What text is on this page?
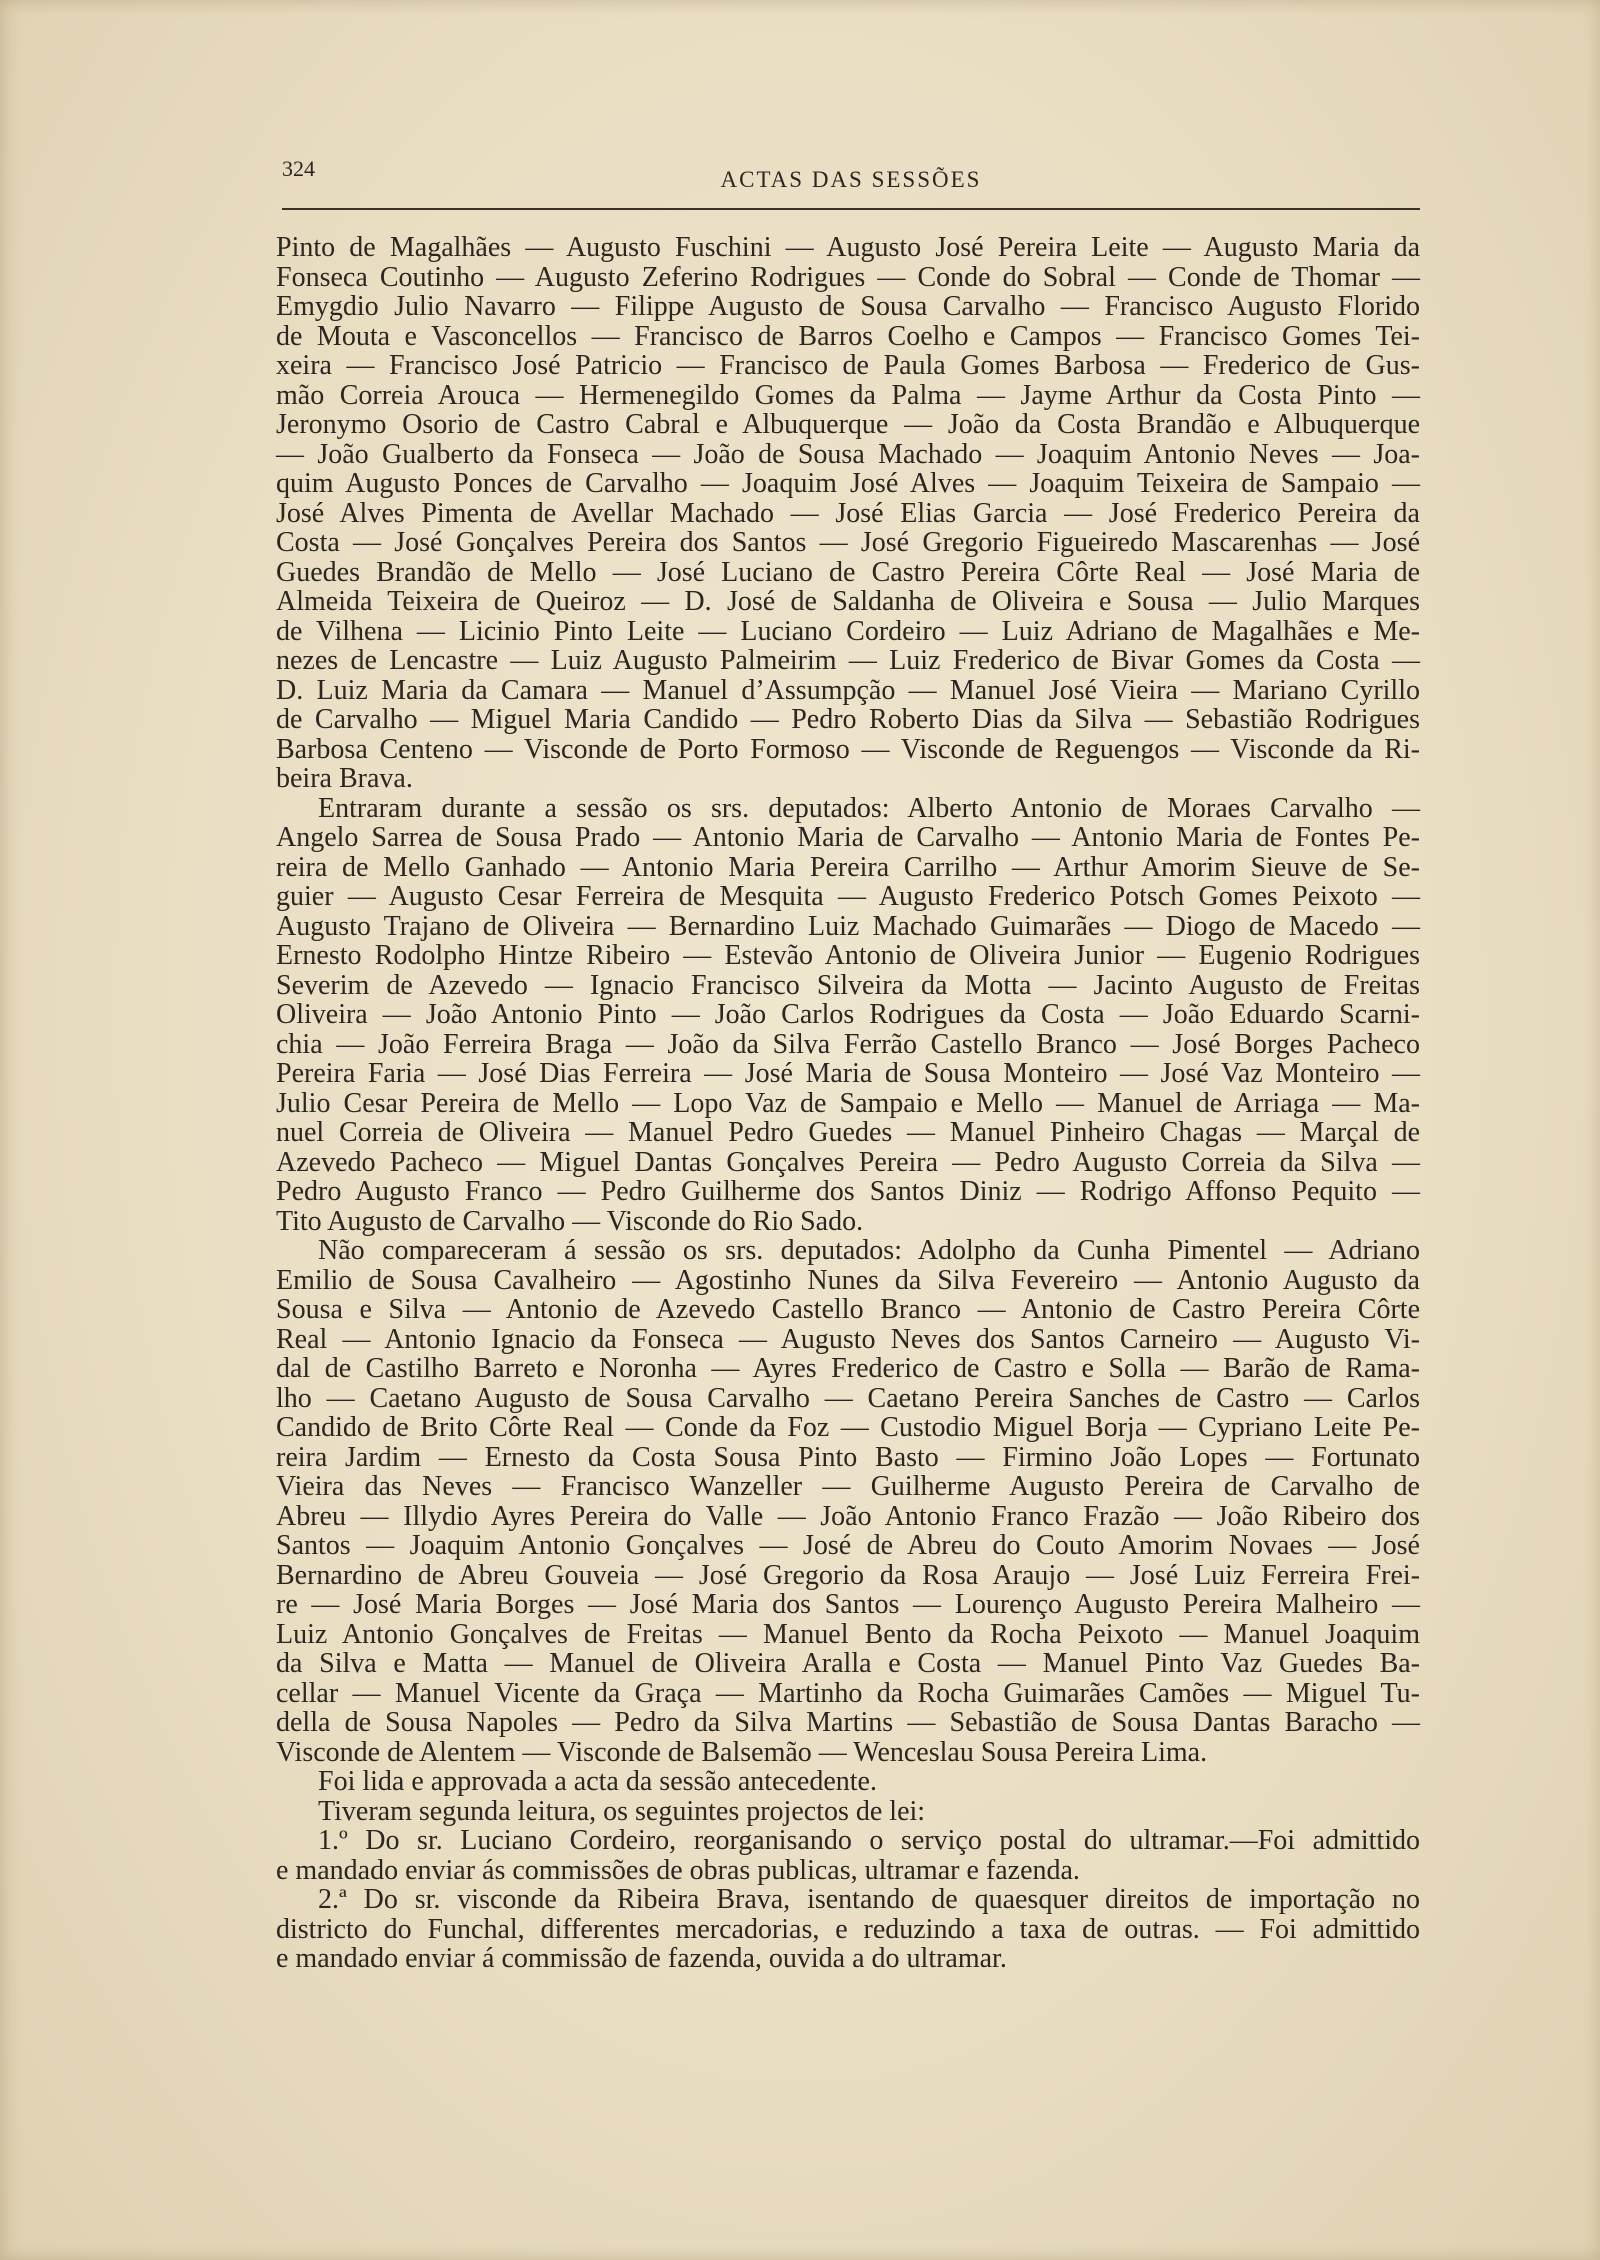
324	ACTAS DAS SESSÕES
Pinto de Magalhães — Augusto Fuschini — Augusto José Pereira Leite — Augusto Maria da
Fonseca Coutinho — Augusto Zeferino Rodrigues — Conde do Sobral — Conde de Thomar —
Emygdio Julio Navarro — Filippe Augusto de Sousa Carvalho — Francisco Augusto Florido
de Mouta e Vasconcellos — Francisco de Barros Coelho e Campos — Francisco Gomes Tei-
xeira — Francisco José Patricio — Francisco de Paula Gomes Barbosa — Frederico de Gus-
mão Correia Arouca — Hermenegildo Gomes da Palma — Jayme Arthur da Costa Pinto —
Jeronymo Osorio de Castro Cabral e Albuquerque — João da Costa Brandão e Albuquerque
— João Gualberto da Fonseca — João de Sousa Machado — Joaquim Antonio Neves — Joa-
quim Augusto Ponces de Carvalho — Joaquim José Alves — Joaquim Teixeira de Sampaio —
José Alves Pimenta de Avellar Machado — José Elias Garcia — José Frederico Pereira da
Costa — José Gonçalves Pereira dos Santos — José Gregorio Figueiredo Mascarenhas — José
Guedes Brandão de Mello — José Luciano de Castro Pereira Côrte Real — José Maria de
Almeida Teixeira de Queiroz — D. José de Saldanha de Oliveira e Sousa — Julio Marques
de Vilhena — Licinio Pinto Leite — Luciano Cordeiro — Luiz Adriano de Magalhães e Me-
nezes de Lencastre — Luiz Augusto Palmeirim — Luiz Frederico de Bivar Gomes da Costa —
D. Luiz Maria da Camara — Manuel d’Assumpção — Manuel José Vieira — Mariano Cyrillo
de Carvalho — Miguel Maria Candido — Pedro Roberto Dias da Silva — Sebastião Rodrigues
Barbosa Centeno — Visconde de Porto Formoso — Visconde de Reguengos — Visconde da Ri-
beira Brava.
Entraram durante a sessão os srs. deputados: Alberto Antonio de Moraes Carvalho —
Angelo Sarrea de Sousa Prado — Antonio Maria de Carvalho — Antonio Maria de Fontes Pe-
reira de Mello Ganhado — Antonio Maria Pereira Carrilho — Arthur Amorim Sieuve de Se-
guier — Augusto Cesar Ferreira de Mesquita — Augusto Frederico Potsch Gomes Peixoto —
Augusto Trajano de Oliveira — Bernardino Luiz Machado Guimarães — Diogo de Macedo —
Ernesto Rodolpho Hintze Ribeiro — Estevão Antonio de Oliveira Junior — Eugenio Rodrigues
Severim de Azevedo — Ignacio Francisco Silveira da Motta — Jacinto Augusto de Freitas
Oliveira — João Antonio Pinto — João Carlos Rodrigues da Costa — João Eduardo Scarni-
chia — João Ferreira Braga — João da Silva Ferrão Castello Branco — José Borges Pacheco
Pereira Faria — José Dias Ferreira — José Maria de Sousa Monteiro — José Vaz Monteiro —
Julio Cesar Pereira de Mello — Lopo Vaz de Sampaio e Mello — Manuel de Arriaga — Ma-
nuel Correia de Oliveira — Manuel Pedro Guedes — Manuel Pinheiro Chagas — Marçal de
Azevedo Pacheco — Miguel Dantas Gonçalves Pereira — Pedro Augusto Correia da Silva —
Pedro Augusto Franco — Pedro Guilherme dos Santos Diniz — Rodrigo Affonso Pequito —
Tito Augusto de Carvalho — Visconde do Rio Sado.
Não compareceram á sessão os srs. deputados: Adolpho da Cunha Pimentel — Adriano
Emilio de Sousa Cavalheiro — Agostinho Nunes da Silva Fevereiro — Antonio Augusto da
Sousa e Silva — Antonio de Azevedo Castello Branco — Antonio de Castro Pereira Côrte
Real — Antonio Ignacio da Fonseca — Augusto Neves dos Santos Carneiro — Augusto Vi-
dal de Castilho Barreto e Noronha — Ayres Frederico de Castro e Solla — Barão de Rama-
lho — Caetano Augusto de Sousa Carvalho — Caetano Pereira Sanches de Castro — Carlos
Candido de Brito Côrte Real — Conde da Foz — Custodio Miguel Borja — Cypriano Leite Pe-
reira Jardim — Ernesto da Costa Sousa Pinto Basto — Firmino João Lopes — Fortunato
Vieira das Neves — Francisco Wanzeller — Guilherme Augusto Pereira de Carvalho de
Abreu — Illydio Ayres Pereira do Valle — João Antonio Franco Frazão — João Ribeiro dos
Santos — Joaquim Antonio Gonçalves — José de Abreu do Couto Amorim Novaes — José
Bernardino de Abreu Gouveia — José Gregorio da Rosa Araujo — José Luiz Ferreira Frei-
re — José Maria Borges — José Maria dos Santos — Lourenço Augusto Pereira Malheiro —
Luiz Antonio Gonçalves de Freitas — Manuel Bento da Rocha Peixoto — Manuel Joaquim
da Silva e Matta — Manuel de Oliveira Aralla e Costa — Manuel Pinto Vaz Guedes Ba-
cellar — Manuel Vicente da Graça — Martinho da Rocha Guimarães Camões — Miguel Tu-
della de Sousa Napoles — Pedro da Silva Martins — Sebastião de Sousa Dantas Baracho —
Visconde de Alentem — Visconde de Balsemão — Wenceslau Sousa Pereira Lima.
Foi lida e approvada a acta da sessão antecedente.
Tiveram segunda leitura, os seguintes projectos de lei:
1.º Do sr. Luciano Cordeiro, reorganisando o serviço postal do ultramar.—Foi admittido
e mandado enviar ás commissões de obras publicas, ultramar e fazenda.
2.ª Do sr. visconde da Ribeira Brava, isentando de quaesquer direitos de importação no
districto do Funchal, differentes mercadorias, e reduzindo a taxa de outras. — Foi admittido
e mandado enviar á commissão de fazenda, ouvida a do ultramar.
